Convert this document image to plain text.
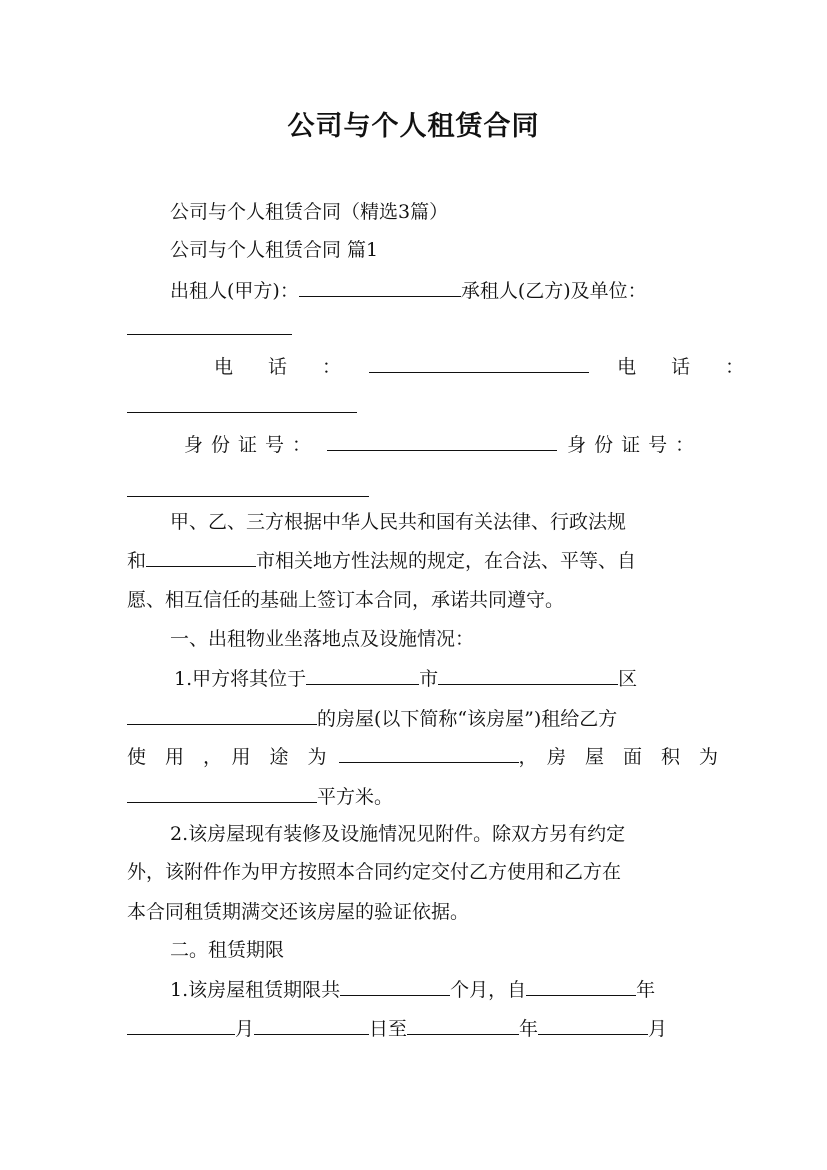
公司与个人租赁合同
公司与个人租赁合同（精选3篇）
公司与个人租赁合同 篇1
出租人(甲方)：	承租人(乙方)及单位：
电　话　：	电　话　：
身份证号：	身份证号：
甲、乙、三方根据中华人民共和国有关法律、行政法规
和	市相关地方性法规的规定，在合法、平等、自
愿、相互信任的基础上签订本合同，承诺共同遵守。
一、出租物业坐落地点及设施情况：
1.甲方将其位于	市	区
的房屋(以下简称“该房屋”)租给乙方
使　用　，　用　途　为	，　房　屋　面　积　为
平方米。
2.该房屋现有装修及设施情况见附件。除双方另有约定
外，该附件作为甲方按照本合同约定交付乙方使用和乙方在
本合同租赁期满交还该房屋的验证依据。
二。租赁期限
1.该房屋租赁期限共	个月，自	年
月	日至	年	月
